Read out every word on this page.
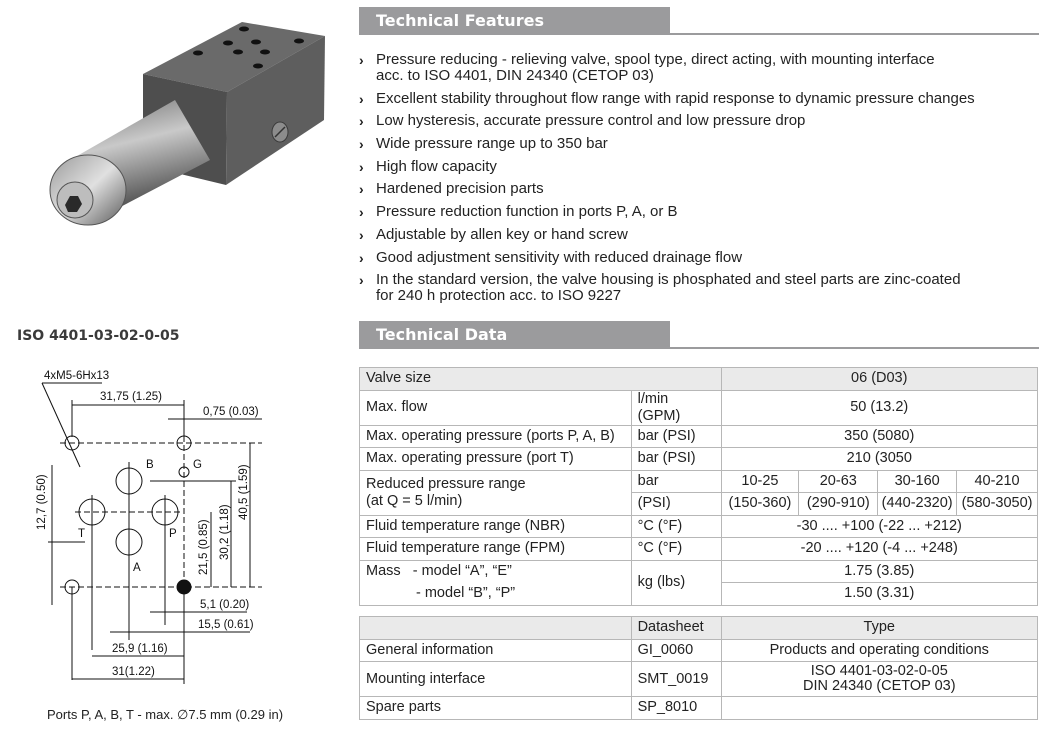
Technical Features
› Pressure reducing - relieving valve, spool type, direct acting, with mounting interface
acc. to ISO 4401, DIN 24340 (CETOP 03)
› Excellent stability throughout flow range with rapid response to dynamic pressure changes
› Low hysteresis, accurate pressure control and low pressure drop
› Wide pressure range up to 350 bar
› High flow capacity
› Hardened precision parts
› Pressure reduction function in ports P, A, or B
› Adjustable by allen key or hand screw
› Good adjustment sensitivity with reduced drainage flow
› In the standard version, the valve housing is phosphated and steel parts are zinc-coated
for 240 h protection acc. to ISO 9227
Technical Data
Valve size		06 (D03)			
Max. flow	l/min (GPM)	50 (13.2)			
Max. operating pressure (ports P, A, B)	bar (PSI)	350 (5080)			
Max. operating pressure (port T)	bar (PSI)	210 (3050			
Reduced pressure range
(at Q = 5 l/min)	bar	10-25	20-63	30-160	40-210
	(PSI)	(150-360)	(290-910)	(440-2320)	(580-3050)
Fluid temperature range (NBR)	°C (°F)	-30 .... +100 (-22 ... +212)			
Fluid temperature range (FPM)	°C (°F)	-20 .... +120 (-4 ... +248)			
Mass   - model “A”, “E”	kg (lbs)	1.75 (3.85)			
- model “B”, “P”		1.50 (3.31)			
	Datasheet	Type
General information	GI_0060	Products and operating conditions
Mounting interface	SMT_0019	ISO 4401-03-02-0-05
DIN 24340 (CETOP 03)
Spare parts	SP_8010	
ISO 4401-03-02-0-05
4xM5-6Hx13
31,75 (1.25)
0,75 (0.03)
B	G
T	P
A
12,7 (0.50)	40,5 (1.59)
30,2 (1.18)
21,5 (0.85)
5,1 (0.20)
15,5 (0.61)
25,9 (1.16)
31(1.22)
Ports P, A, B, T - max. ∅7.5 mm (0.29 in)
